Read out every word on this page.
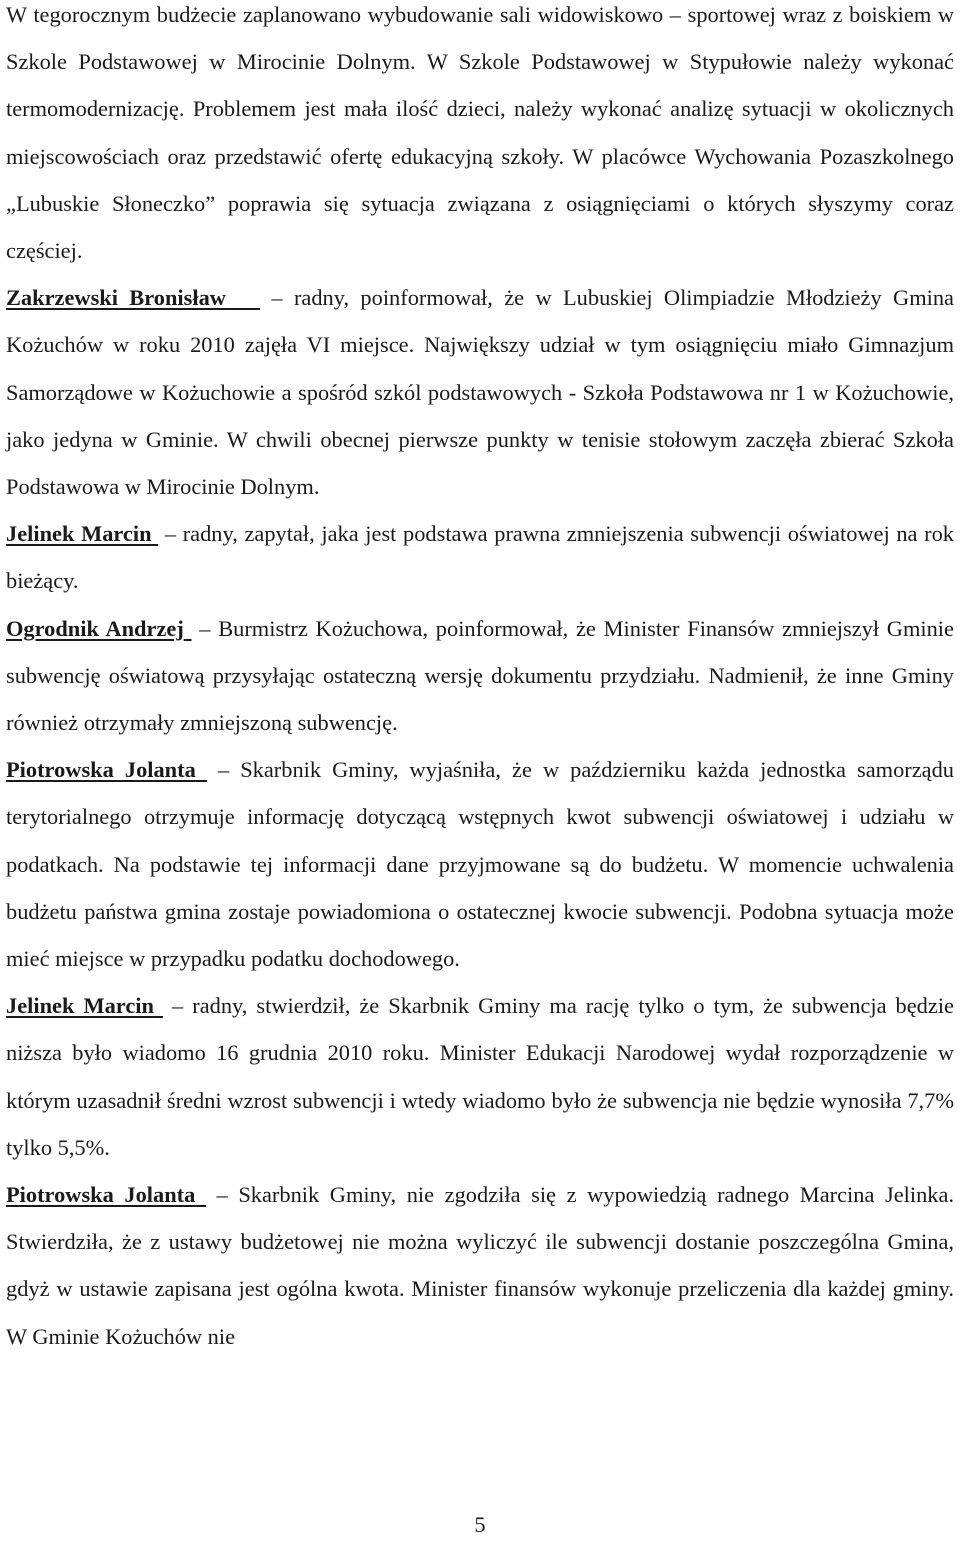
W tegorocznym budżecie zaplanowano wybudowanie sali widowiskowo – sportowej wraz z boiskiem w Szkole Podstawowej w Mirocinie Dolnym. W Szkole Podstawowej w Stypułowie należy wykonać termomodernizację. Problemem jest mała ilość dzieci, należy wykonać analizę sytuacji w okolicznych miejscowościach oraz przedstawić ofertę edukacyjną szkoły. W placówce Wychowania Pozaszkolnego „Lubuskie Słoneczko” poprawia się sytuacja związana z osiągnięciami o których słyszymy coraz częściej.

Zakrzewski Bronisław – radny, poinformował, że w Lubuskiej Olimpiadzie Młodzieży Gmina Kożuchów w roku 2010 zajęła VI miejsce. Największy udział w tym osiągnięciu miało Gimnazjum Samorządowe w Kożuchowie a spośród szkól podstawowych - Szkoła Podstawowa nr 1 w Kożuchowie, jako jedyna w Gminie. W chwili obecnej pierwsze punkty w tenisie stołowym zaczęła zbierać Szkoła Podstawowa w Mirocinie Dolnym.

Jelinek Marcin – radny, zapytał, jaka jest podstawa prawna zmniejszenia subwencji oświatowej na rok bieżący.

Ogrodnik Andrzej – Burmistrz Kożuchowa, poinformował, że Minister Finansów zmniejszył Gminie subwencję oświatową przysyłając ostateczną wersję dokumentu przydziału. Nadmienił, że inne Gminy również otrzymały zmniejszoną subwencję.

Piotrowska Jolanta – Skarbnik Gminy, wyjaśniła, że w październiku każda jednostka samorządu terytorialnego otrzymuje informację dotyczącą wstępnych kwot subwencji oświatowej i udziału w podatkach. Na podstawie tej informacji dane przyjmowane są do budżetu. W momencie uchwalenia budżetu państwa gmina zostaje powiadomiona o ostatecznej kwocie subwencji. Podobna sytuacja może mieć miejsce w przypadku podatku dochodowego.

Jelinek Marcin – radny, stwierdził, że Skarbnik Gminy ma rację tylko o tym, że subwencja będzie niższa było wiadomo 16 grudnia 2010 roku. Minister Edukacji Narodowej wydał rozporządzenie w którym uzasadnił średni wzrost subwencji i wtedy wiadomo było że subwencja nie będzie wynosiła 7,7% tylko 5,5%.

Piotrowska Jolanta – Skarbnik Gminy, nie zgodziła się z wypowiedzią radnego Marcina Jelinka. Stwierdziła, że z ustawy budżetowej nie można wyliczyć ile subwencji dostanie poszczególna Gmina, gdyż w ustawie zapisana jest ogólna kwota. Minister finansów wykonuje przeliczenia dla każdej gminy. W Gminie Kożuchów nie

5
